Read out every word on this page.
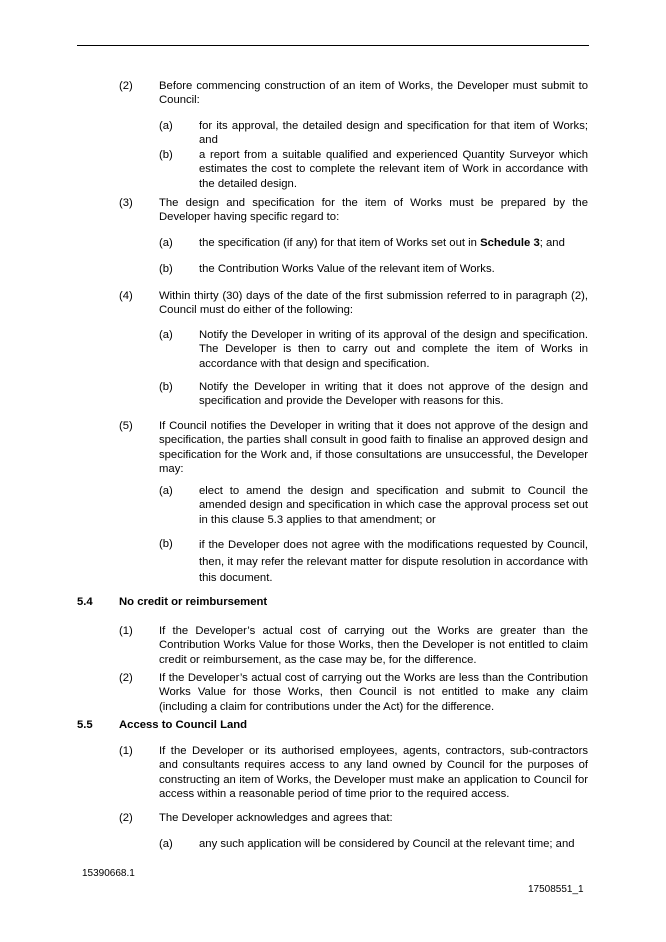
(2) Before commencing construction of an item of Works, the Developer must submit to Council:
(a) for its approval, the detailed design and specification for that item of Works; and
(b) a report from a suitable qualified and experienced Quantity Surveyor which estimates the cost to complete the relevant item of Work in accordance with the detailed design.
(3) The design and specification for the item of Works must be prepared by the Developer having specific regard to:
(a) the specification (if any) for that item of Works set out in Schedule 3; and
(b) the Contribution Works Value of the relevant item of Works.
(4) Within thirty (30) days of the date of the first submission referred to in paragraph (2), Council must do either of the following:
(a) Notify the Developer in writing of its approval of the design and specification. The Developer is then to carry out and complete the item of Works in accordance with that design and specification.
(b) Notify the Developer in writing that it does not approve of the design and specification and provide the Developer with reasons for this.
(5) If Council notifies the Developer in writing that it does not approve of the design and specification, the parties shall consult in good faith to finalise an approved design and specification for the Work and, if those consultations are unsuccessful, the Developer may:
(a) elect to amend the design and specification and submit to Council the amended design and specification in which case the approval process set out in this clause 5.3 applies to that amendment; or
(b) if the Developer does not agree with the modifications requested by Council, then, it may refer the relevant matter for dispute resolution in accordance with this document.
5.4 No credit or reimbursement
(1) If the Developer’s actual cost of carrying out the Works are greater than the Contribution Works Value for those Works, then the Developer is not entitled to claim credit or reimbursement, as the case may be, for the difference.
(2) If the Developer’s actual cost of carrying out the Works are less than the Contribution Works Value for those Works, then Council is not entitled to make any claim (including a claim for contributions under the Act) for the difference.
5.5 Access to Council Land
(1) If the Developer or its authorised employees, agents, contractors, sub-contractors and consultants requires access to any land owned by Council for the purposes of constructing an item of Works, the Developer must make an application to Council for access within a reasonable period of time prior to the required access.
(2) The Developer acknowledges and agrees that:
(a) any such application will be considered by Council at the relevant time; and
15390668.1
17508551_1
